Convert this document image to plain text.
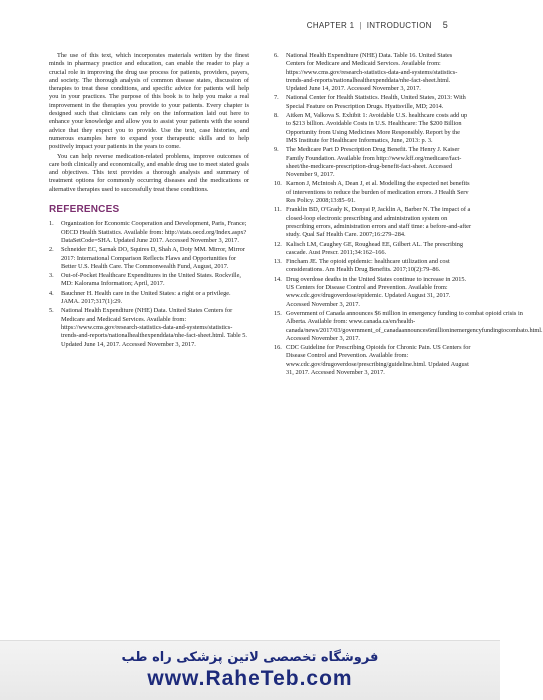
CHAPTER 1 | INTRODUCTION 5

The use of this text, which incorporates materials written by the finest minds in pharmacy practice and education, can enable the reader to play a crucial role in improving the drug use process for patients, providers, payers, and society. The thorough analysis of common disease states, discussion of therapies to treat these conditions, and specific advice for patients will help you in your practices. The purpose of this book is to help you make a real improvement in the therapies you provide to your patients. Every chapter is designed such that clinicians can rely on the information laid out here to enhance your knowledge and allow you to assist your patients with the sound advice that they expect you to provide. Use the text, case histories, and numerous examples here to expand your therapeutic skills and to help positively impact your patients in the years to come.

You can help reverse medication-related problems, improve outcomes of care both clinically and economically, and enable drug use to meet stated goals and objectives. This text provides a thorough analysis and summary of treatment options for commonly occurring diseases and the medications or alternative therapies used to successfully treat these conditions.

REFERENCES
1.	Organization for Economic Cooperation and Development, Paris, France; OECD Health Statistics. Available from: http://stats.oecd.org/Index.aspx?DataSetCode=SHA. Updated June 2017. Accessed November 3, 2017.
2.	Schneider EC, Sarnak DO, Squires D, Shah A, Doty MM. Mirror, Mirror 2017: International Comparison Reflects Flaws and Opportunities for Better U.S. Health Care. The Commonwealth Fund, August, 2017.
3.	Out-of-Pocket Healthcare Expenditures in the United States. Rockville, MD: Kalorama Information; April, 2017.
4.	Bauchner H. Health care in the United States: a right or a privilege. JAMA. 2017;317(1):29.
5.	National Health Expenditure (NHE) Data. United States Centers for Medicare and Medicaid Services. Available from: https://www.cms.gov/research-statistics-data-and-systems/statistics-trends-and-reports/nationalhealthexpenddata/nhe-fact-sheet.html. Table 5. Updated June 14, 2017. Accessed November 3, 2017.
6.	National Health Expenditure (NHE) Data. Table 16. United States Centers for Medicare and Medicaid Services. Available from: https://www.cms.gov/research-statistics-data-and-systems/statistics-trends-and-reports/nationalhealthexpenddata/nhe-fact-sheet.html. Updated June 14, 2017. Accessed November 3, 2017.
7.	National Center for Health Statistics. Health, United States, 2013: With Special Feature on Prescription Drugs. Hyattsville, MD; 2014.
8.	Aitken M, Valkova S. Exhibit 1: Avoidable U.S. healthcare costs add up to $213 billion. Avoidable Costs in U.S. Healthcare: The $200 Billion Opportunity from Using Medicines More Responsibly. Report by the IMS Institute for Healthcare Informatics, June, 2013: p. 3.
9.	The Medicare Part D Prescription Drug Benefit. The Henry J. Kaiser Family Foundation. Available from http://www.kff.org/medicare/fact-sheet/the-medicare-prescription-drug-benefit-fact-sheet. Accessed November 9, 2017.
10. Karnon J, McIntosh A, Dean J, et al. Modelling the expected net benefits of interventions to reduce the burden of medication errors. J Health Serv Res Policy. 2008;13:85–91.
11. Franklin BD, O'Grady K, Donyai P, Jacklin A, Barber N. The impact of a closed-loop electronic prescribing and administration system on prescribing errors, administration errors and staff time: a before-and-after study. Qual Saf Health Care. 2007;16:279–284.
12. Kalisch LM, Caughey GE, Roughead EE, Gilbert AL. The prescribing cascade. Aust Prescr. 2011;34:162–166.
13. Fincham JE. The opioid epidemic: healthcare utilization and cost considerations. Am Health Drug Benefits. 2017;10(2):79–86.
14. Drug overdose deaths in the United States continue to increase in 2015. US Centers for Disease Control and Prevention. Available from: www.cdc.gov/drugoverdose/epidemic. Updated August 31, 2017. Accessed November 3, 2017.
15. Government of Canada announces $6 million in emergency funding to combat opioid crisis in Alberta. Available from: www.canada.ca/en/health-canada/news/2017/03/government_of_canadaannounces6millioninemergencyfundingtocombato.html. Accessed November 3, 2017.
16. CDC Guideline for Prescribing Opioids for Chronic Pain. US Centers for Disease Control and Prevention. Available from: www.cdc.gov/drugoverdose/prescribing/guideline.html. Updated August 31, 2017. Accessed November 3, 2017.
فروشگاه تخصصی لاتین پزشکی راه طب
www.RaheTeb.com
